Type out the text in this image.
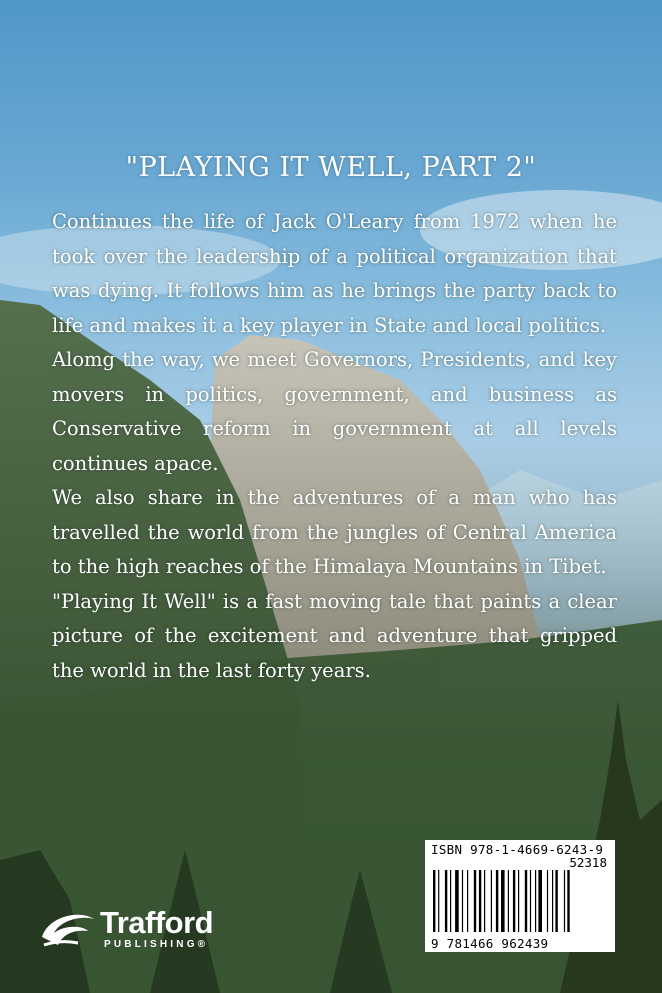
"PLAYING IT WELL, PART 2"

Continues the life of Jack O'Leary from 1972 when he took over the leadership of a political organization that was dying. It follows him as he brings the party back to life and makes it a key player in State and local politics.

Alomg the way, we meet Governors, Presidents, and key movers in politics, government, and business as Conservative reform in government at all levels continues apace.

We also share in the adventures of a man who has travelled the world from the jungles of Central America to the high reaches of the Himalaya Mountains in Tibet.

"Playing It Well" is a fast moving tale that paints a clear picture of the excitement and adventure that gripped the world in the last forty years.

Trafford
PUBLISHING®
ISBN 978-1-4669-6243-9
52318
9 781466 962439
